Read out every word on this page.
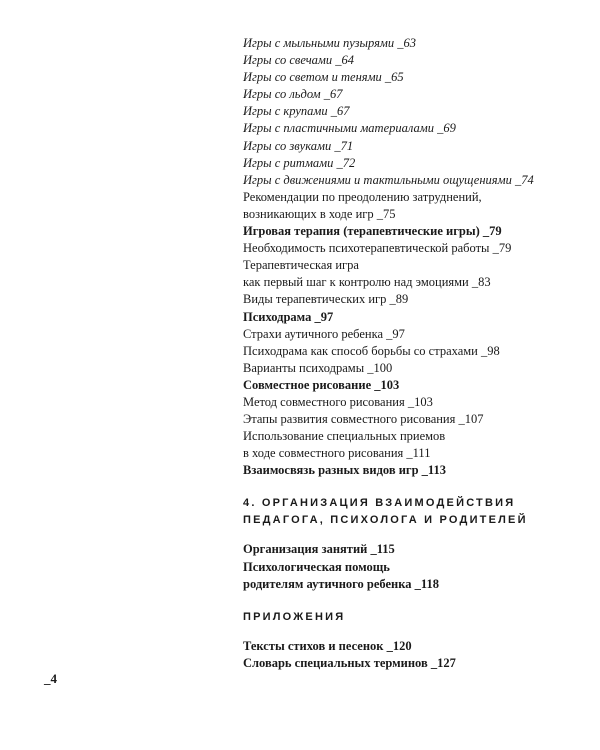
Игры с мыльными пузырями _63
Игры со свечами _64
Игры со светом и тенями _65
Игры со льдом _67
Игры с крупами _67
Игры с пластичными материалами _69
Игры со звуками _71
Игры с ритмами _72
Игры с движениями и тактильными ощущениями _74
Рекомендации по преодолению затруднений,
возникающих в ходе игр _75
Игровая терапия (терапевтические игры) _79
Необходимость психотерапевтической работы _79
Терапевтическая игра
как первый шаг к контролю над эмоциями _83
Виды терапевтических игр _89
Психодрама _97
Страхи аутичного ребенка _97
Психодрама как способ борьбы со страхами _98
Варианты психодрамы _100
Совместное рисование _103
Метод совместного рисования _103
Этапы развития совместного рисования _107
Использование специальных приемов
в ходе совместного рисования _111
Взаимосвязь разных видов игр _113
4. ОРГАНИЗАЦИЯ ВЗАИМОДЕЙСТВИЯ
ПЕДАГОГА, ПСИХОЛОГА И РОДИТЕЛЕЙ
Организация занятий _115
Психологическая помощь
родителям аутичного ребенка _118
ПРИЛОЖЕНИЯ
Тексты стихов и песенок _120
Словарь специальных терминов _127
_4
